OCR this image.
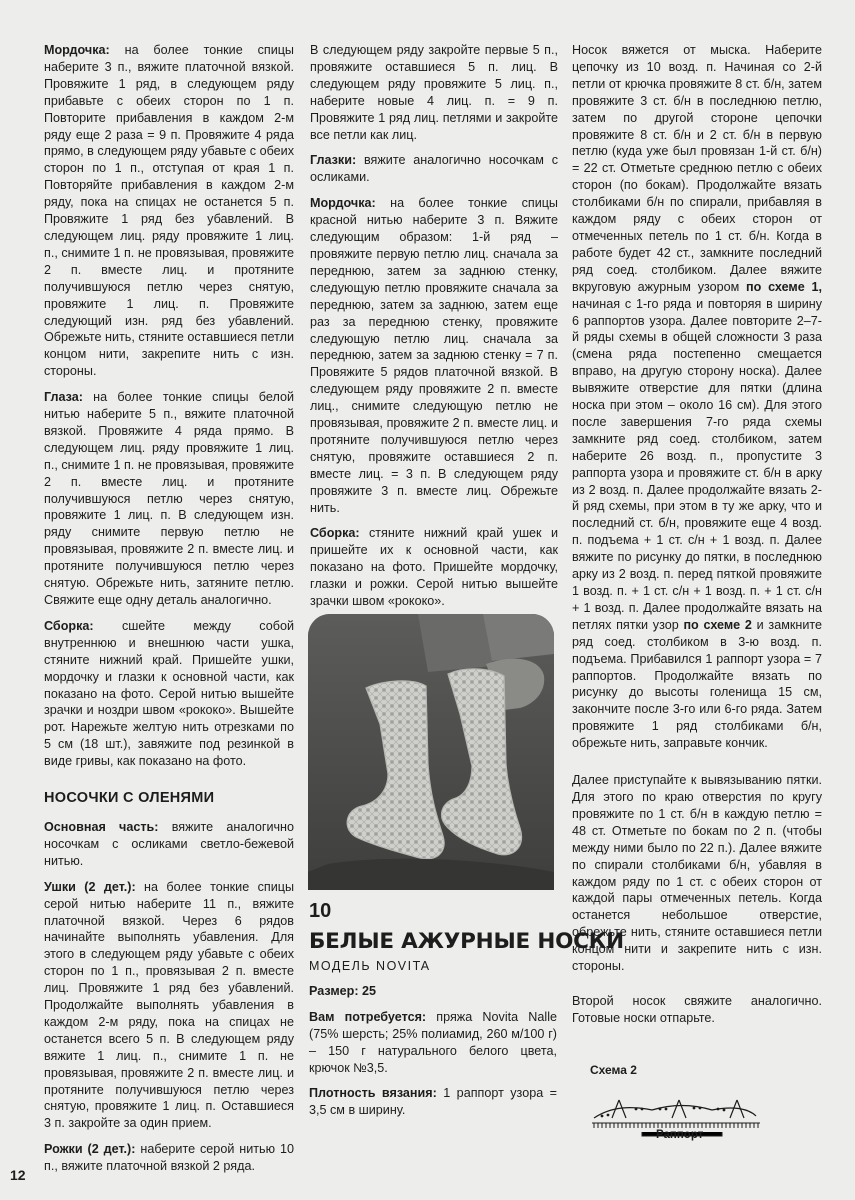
Мордочка: на более тонкие спицы наберите 3 п., вяжите платочной вязкой. Провяжите 1 ряд, в следующем ряду прибавьте с обеих сторон по 1 п. Повторите прибавления в каждом 2-м ряду еще 2 раза = 9 п. Провяжите 4 ряда прямо, в следующем ряду убавьте с обеих сторон по 1 п., отступая от края 1 п. Повторяйте прибавления в каждом 2-м ряду, пока на спицах не останется 5 п. Провяжите 1 ряд без убавлений. В следующем лиц. ряду провяжите 1 лиц. п., снимите 1 п. не провязывая, провяжите 2 п. вместе лиц. и протяните получившуюся петлю через снятую, провяжите 1 лиц. п. Провяжите следующий изн. ряд без убавлений. Обрежьте нить, стяните оставшиеся петли концом нити, закрепите нить с изн. стороны.

Глаза: на более тонкие спицы белой нитью наберите 5 п., вяжите платочной вязкой. Провяжите 4 ряда прямо. В следующем лиц. ряду провяжите 1 лиц. п., снимите 1 п. не провязывая, провяжите 2 п. вместе лиц. и протяните получившуюся петлю через снятую, провяжите 1 лиц. п. В следующем изн. ряду снимите первую петлю не провязывая, провяжите 2 п. вместе лиц. и протяните получившуюся петлю через снятую. Обрежьте нить, затяните петлю. Свяжите еще одну деталь аналогично.

Сборка: сшейте между собой внутреннюю и внешнюю части ушка, стяните нижний край. Пришейте ушки, мордочку и глазки к основной части, как показано на фото. Серой нитью вышейте зрачки и ноздри швом «рококо». Вышейте рот. Нарежьте желтую нить отрезками по 5 см (18 шт.), завяжите под резинкой в виде гривы, как показано на фото.

НОСОЧКИ С ОЛЕНЯМИ

Основная часть: вяжите аналогично носочкам с осликами светло-бежевой нитью.

Ушки (2 дет.): на более тонкие спицы серой нитью наберите 11 п., вяжите платочной вязкой. Через 6 рядов начинайте выполнять убавления. Для этого в следующем ряду убавьте с обеих сторон по 1 п., провязывая 2 п. вместе лиц. Провяжите 1 ряд без убавлений. Продолжайте выполнять убавления в каждом 2-м ряду, пока на спицах не останется всего 5 п. В следующем ряду вяжите 1 лиц. п., снимите 1 п. не провязывая, провяжите 2 п. вместе лиц. и протяните получившуюся петлю через снятую, провяжите 1 лиц. п. Оставшиеся 3 п. закройте за один прием.

Рожки (2 дет.): наберите серой нитью 10 п., вяжите платочной вязкой 2 ряда.

В следующем ряду закройте первые 5 п., провяжите оставшиеся 5 п. лиц. В следующем ряду провяжите 5 лиц. п., наберите новые 4 лиц. п. = 9 п. Провяжите 1 ряд лиц. петлями и закройте все петли как лиц.

Глазки: вяжите аналогично носочкам с осликами.

Мордочка: на более тонкие спицы красной нитью наберите 3 п. Вяжите следующим образом: 1-й ряд – провяжите первую петлю лиц. сначала за переднюю, затем за заднюю стенку, следующую петлю провяжите сначала за переднюю, затем за заднюю, затем еще раз за переднюю стенку, провяжите следующую петлю лиц. сначала за переднюю, затем за заднюю стенку = 7 п. Провяжите 5 рядов платочной вязкой. В следующем ряду провяжите 2 п. вместе лиц., снимите следующую петлю не провязывая, провяжите 2 п. вместе лиц. и протяните получившуюся петлю через снятую, провяжите оставшиеся 2 п. вместе лиц. = 3 п. В следующем ряду провяжите 3 п. вместе лиц. Обрежьте нить.

Сборка: стяните нижний край ушек и пришейте их к основной части, как показано на фото. Пришейте мордочку, глазки и рожки. Серой нитью вышейте зрачки швом «рококо».

10
БЕЛЫЕ АЖУРНЫЕ НОСКИ
МОДЕЛЬ NOVITA

Размер: 25

Вам потребуется: пряжа Novita Nalle (75% шерсть; 25% полиамид, 260 м/100 г) – 150 г натурального белого цвета, крючок №3,5.

Плотность вязания: 1 раппорт узора = 3,5 см в ширину.

Носок вяжется от мыска. Наберите цепочку из 10 возд. п. Начиная со 2-й петли от крючка провяжите 8 ст. б/н, затем провяжите 3 ст. б/н в последнюю петлю, затем по другой стороне цепочки провяжите 8 ст. б/н и 2 ст. б/н в первую петлю (куда уже был провязан 1-й ст. б/н) = 22 ст. Отметьте среднюю петлю с обеих сторон (по бокам). Продолжайте вязать столбиками б/н по спирали, прибавляя в каждом ряду с обеих сторон от отмеченных петель по 1 ст. б/н. Когда в работе будет 42 ст., замкните последний ряд соед. столбиком. Далее вяжите вкруговую ажурным узором по схеме 1, начиная с 1-го ряда и повторяя в ширину 6 раппортов узора. Далее повторите 2–7-й ряды схемы в общей сложности 3 раза (смена ряда постепенно смещается вправо, на другую сторону носка). Далее вывяжите отверстие для пятки (длина носка при этом – около 16 см). Для этого после завершения 7-го ряда схемы замкните ряд соед. столбиком, затем наберите 26 возд. п., пропустите 3 раппорта узора и провяжите ст. б/н в арку из 2 возд. п. Далее продолжайте вязать 2-й ряд схемы, при этом в ту же арку, что и последний ст. б/н, провяжите еще 4 возд. п. подъема + 1 ст. с/н + 1 возд. п. Далее вяжите по рисунку до пятки, в последнюю арку из 2 возд. п. перед пяткой провяжите 1 возд. п. + 1 ст. с/н + 1 возд. п. + 1 ст. с/н + 1 возд. п. Далее продолжайте вязать на петлях пятки узор по схеме 2 и замкните ряд соед. столбиком в 3-ю возд. п. подъема. Прибавился 1 раппорт узора = 7 раппортов. Продолжайте вязать по рисунку до высоты голенища 15 см, закончите после 3-го или 6-го ряда. Затем провяжите 1 ряд столбиками б/н, обрежьте нить, заправьте кончик.

Далее приступайте к вывязыванию пятки. Для этого по краю отверстия по кругу провяжите по 1 ст. б/н в каждую петлю = 48 ст. Отметьте по бокам по 2 п. (чтобы между ними было по 22 п.). Далее вяжите по спирали столбиками б/н, убавляя в каждом ряду по 1 ст. с обеих сторон от каждой пары отмеченных петель. Когда останется небольшое отверстие, обрежьте нить, стяните оставшиеся петли концом нити и закрепите нить с изн. стороны.

Второй носок свяжите аналогично. Готовые носки отпарьте.

Схема 2
Раппорт
12
